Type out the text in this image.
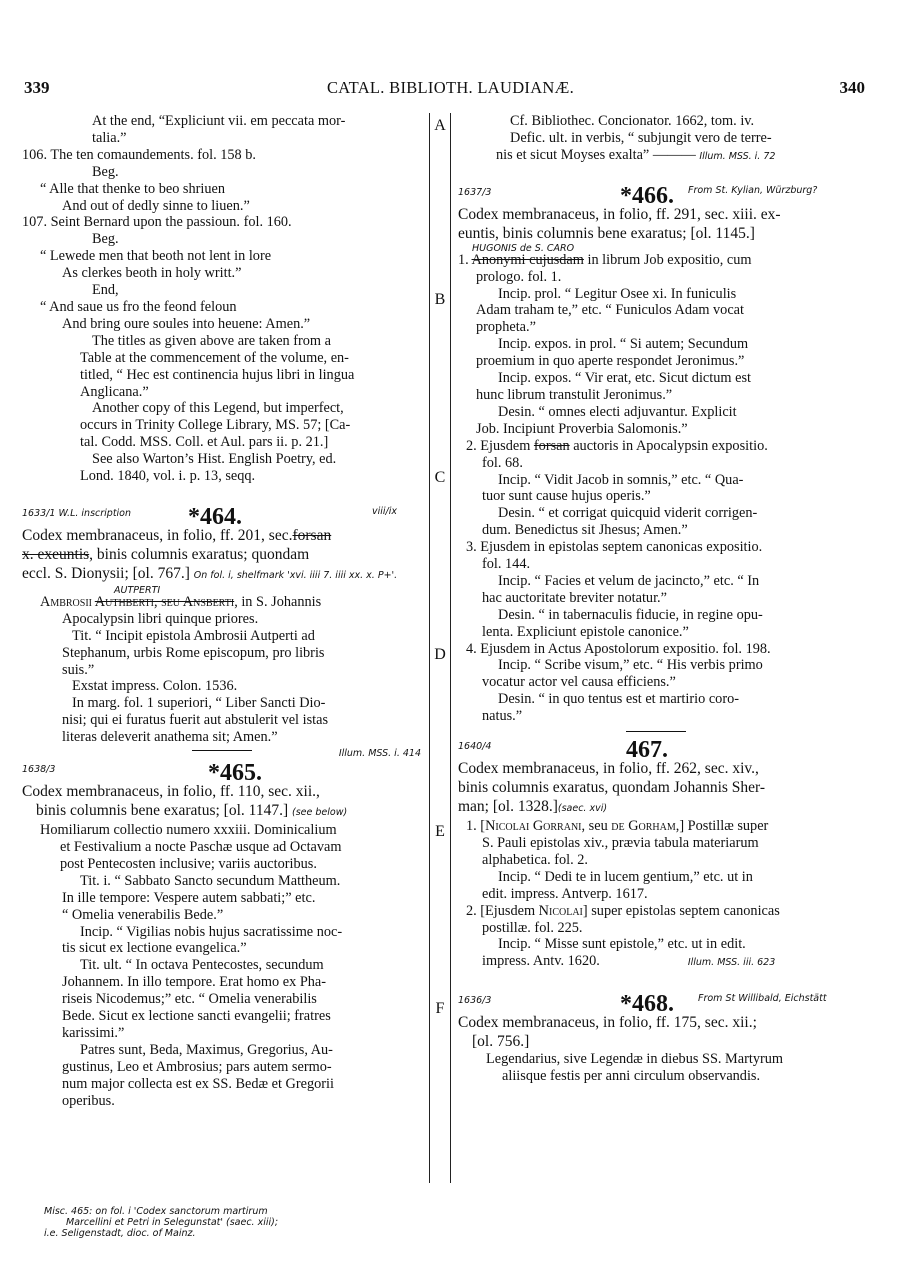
339	CATAL. BIBLIOTH. LAUDIANÆ.	340
A
B
C
D
E
F
At the end, “Expliciunt vii. em peccata mor-
talia.”
106. The ten comaundements. fol. 158 b.
Beg.
“ Alle that thenke to beo shriuen
And out of dedly sinne to liuen.”
107. Seint Bernard upon the passioun. fol. 160.
Beg.
“ Lewede men that beoth not lent in lore
As clerkes beoth in holy writt.”
End,
“ And saue us fro the feond feloun
And bring oure soules into heuene: Amen.”
The titles as given above are taken from a
Table at the commencement of the volume, en-
titled, “ Hec est continencia hujus libri in lingua
Anglicana.”
Another copy of this Legend, but imperfect,
occurs in Trinity College Library, MS. 57; [Ca-
tal. Codd. MSS. Coll. et Aul. pars ii. p. 21.]
See also Warton’s Hist. English Poetry, ed.
Lond. 1840, vol. i. p. 13, seqq.
1633/1 W.L. inscription *464.	viii/ix
Codex membranaceus, in folio, ff. 201, sec.forsan
x. exeuntis, binis columnis exaratus; quondam
eccl. S. Dionysii; [ol. 767.] On fol. i, shelfmark 'xvi. iiii 7. iiii xx. x. P+'.
AUTPERTI
Ambrosii Authberti, seu Ansberti, in S. Johannis
Apocalypsin libri quinque priores.
Tit. “ Incipit epistola Ambrosii Autperti ad
Stephanum, urbis Rome episcopum, pro libris
suis.”
Exstat impress. Colon. 1536.
In marg. fol. 1 superiori, “ Liber Sancti Dio-
nisi; qui ei furatus fuerit aut abstulerit vel istas
literas deleverit anathema sit; Amen.”
Illum. MSS. i. 414
1638/3	*465.
Codex membranaceus, in folio, ff. 110, sec. xii.,
binis columnis bene exaratus; [ol. 1147.] (see below)
Homiliarum collectio numero xxxiii. Dominicalium
et Festivalium a nocte Paschæ usque ad Octavam
post Pentecosten inclusive; variis auctoribus.
Tit. i. “ Sabbato Sancto secundum Mattheum.
In ille tempore: Vespere autem sabbati;” etc.
“ Omelia venerabilis Bede.”
Incip. “ Vigilias nobis hujus sacratissime noc-
tis sicut ex lectione evangelica.”
Tit. ult. “ In octava Pentecostes, secundum
Johannem. In illo tempore. Erat homo ex Pha-
riseis Nicodemus;” etc. “ Omelia venerabilis
Bede. Sicut ex lectione sancti evangelii; fratres
karissimi.”
Patres sunt, Beda, Maximus, Gregorius, Au-
gustinus, Leo et Ambrosius; pars autem sermo-
num major collecta est ex SS. Bedæ et Gregorii
operibus.
Misc. 465: on fol. i 'Codex sanctorum martirum
Marcellini et Petri in Selegunstat' (saec. xiii);
i.e. Seligenstadt, dioc. of Mainz.
Cf. Bibliothec. Concionator. 1662, tom. iv.
Defic. ult. in verbis, “ subjungit vero de terre-
nis et sicut Moyses exalta” ——— Illum. MSS. i. 72
1637/3	*466. From St. Kylian, Würzburg?
Codex membranaceus, in folio, ff. 291, sec. xiii. ex-
euntis, binis columnis bene exaratus; [ol. 1145.]
HUGONIS de S. CARO
1. Anonymi cujusdam in librum Job expositio, cum
prologo. fol. 1.
Incip. prol. “ Legitur Osee xi. In funiculis
Adam traham te,” etc. “ Funiculos Adam vocat
propheta.”
Incip. expos. in prol. “ Si autem; Secundum
proemium in quo aperte respondet Jeronimus.”
Incip. expos. “ Vir erat, etc. Sicut dictum est
hunc librum transtulit Jeronimus.”
Desin. “ omnes electi adjuvantur. Explicit
Job. Incipiunt Proverbia Salomonis.”
2. Ejusdem forsan auctoris in Apocalypsin expositio.
fol. 68.
Incip. “ Vidit Jacob in somnis,” etc. “ Qua-
tuor sunt cause hujus operis.”
Desin. “ et corrigat quicquid viderit corrigen-
dum. Benedictus sit Jhesus; Amen.”
3. Ejusdem in epistolas septem canonicas expositio.
fol. 144.
Incip. “ Facies et velum de jacincto,” etc. “ In
hac auctoritate breviter notatur.”
Desin. “ in tabernaculis fiducie, in regine opu-
lenta. Expliciunt epistole canonice.”
4. Ejusdem in Actus Apostolorum expositio. fol. 198.
Incip. “ Scribe visum,” etc. “ His verbis primo
vocatur actor vel causa efficiens.”
Desin. “ in quo tentus est et martirio coro-
natus.”
1640/4	467.
Codex membranaceus, in folio, ff. 262, sec. xiv.,
binis columnis exaratus, quondam Johannis Sher-
man; [ol. 1328.](saec. xvi)
1. [Nicolai Gorrani, seu de Gorham,] Postillæ super
S. Pauli epistolas xiv., prævia tabula materiarum
alphabetica. fol. 2.
Incip. “ Dedi te in lucem gentium,” etc. ut in
edit. impress. Antverp. 1617.
2. [Ejusdem Nicolai] super epistolas septem canonicas
postillæ. fol. 225.
Incip. “ Misse sunt epistole,” etc. ut in edit.
impress. Antv. 1620.	Illum. MSS. iii. 623
1636/3	*468.	From St Willibald, Eichstätt
Codex membranaceus, in folio, ff. 175, sec. xii.;
[ol. 756.]
Legendarius, sive Legendæ in diebus SS. Martyrum
aliisque festis per anni circulum observandis.
